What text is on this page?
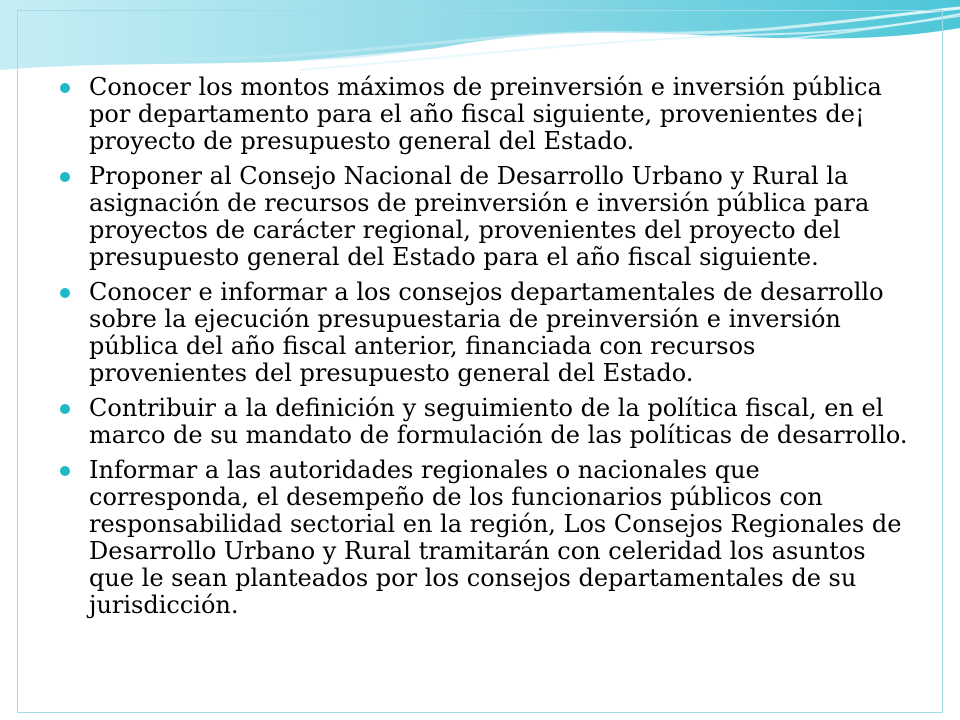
Conocer los montos máximos de preinversión e inversión pública por departamento para el año fiscal siguiente, provenientes de¡ proyecto de presupuesto general del Estado.
Proponer al Consejo Nacional de Desarrollo Urbano y Rural la asignación de recursos de preinversión e inversión pública para proyectos de carácter regional, provenientes del proyecto del presupuesto general del Estado para el año fiscal siguiente.
Conocer e informar a los consejos departamentales de desarrollo sobre la ejecución presupuestaria de preinversión e inversión pública del año fiscal anterior, financiada con recursos provenientes del presupuesto general del Estado.
Contribuir a la definición y seguimiento de la política fiscal, en el marco de su mandato de formulación de las políticas de desarrollo.
Informar a las autoridades regionales o nacionales que corresponda, el desempeño de los funcionarios públicos con responsabilidad sectorial en la región, Los Consejos Regionales de Desarrollo Urbano y Rural tramitarán con celeridad los asuntos que le sean planteados por los consejos departamentales de su jurisdicción.
